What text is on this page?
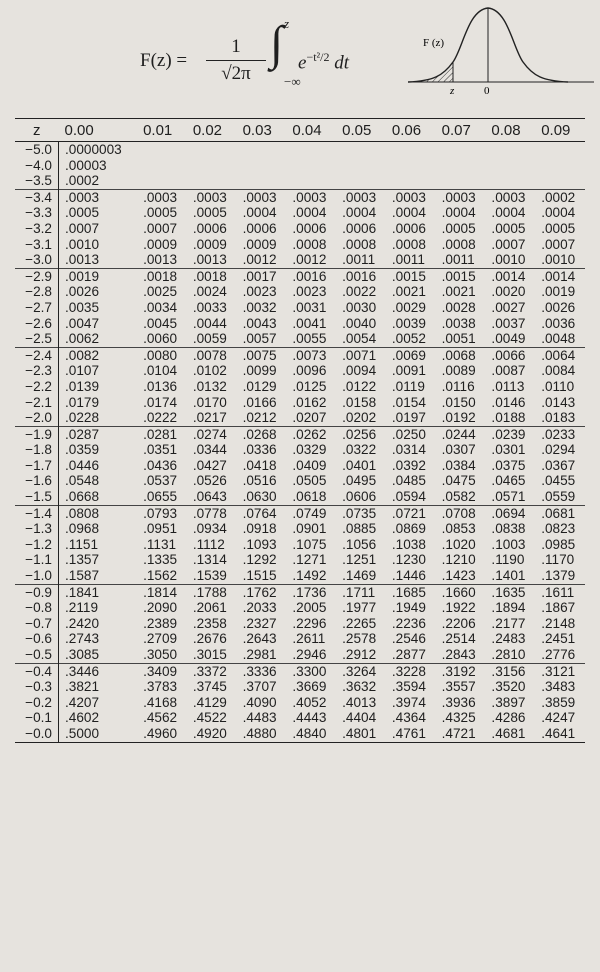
$F(z) = \frac{1}{√2\pi}$ ∫ z
−∞
$e^{-t^2/2}$ dt
F (z)
z	0
z	0.00	0.01	0.02	0.03	0.04	0.05	0.06	0.07	0.08	0.09
−5.0	.0000003									
−4.0	.00003									
−3.5	.0002									
−3.4	.0003	.0003	.0003	.0003	.0003	.0003	.0003	.0003	.0003	.0002
−3.3	.0005	.0005	.0005	.0004	.0004	.0004	.0004	.0004	.0004	.0004
−3.2	.0007	.0007	.0006	.0006	.0006	.0006	.0006	.0005	.0005	.0005
−3.1	.0010	.0009	.0009	.0009	.0008	.0008	.0008	.0008	.0007	.0007
−3.0	.0013	.0013	.0013	.0012	.0012	.0011	.0011	.0011	.0010	.0010
−2.9	.0019	.0018	.0018	.0017	.0016	.0016	.0015	.0015	.0014	.0014
−2.8	.0026	.0025	.0024	.0023	.0023	.0022	.0021	.0021	.0020	.0019
−2.7	.0035	.0034	.0033	.0032	.0031	.0030	.0029	.0028	.0027	.0026
−2.6	.0047	.0045	.0044	.0043	.0041	.0040	.0039	.0038	.0037	.0036
−2.5	.0062	.0060	.0059	.0057	.0055	.0054	.0052	.0051	.0049	.0048
−2.4	.0082	.0080	.0078	.0075	.0073	.0071	.0069	.0068	.0066	.0064
−2.3	.0107	.0104	.0102	.0099	.0096	.0094	.0091	.0089	.0087	.0084
−2.2	.0139	.0136	.0132	.0129	.0125	.0122	.0119	.0116	.0113	.0110
−2.1	.0179	.0174	.0170	.0166	.0162	.0158	.0154	.0150	.0146	.0143
−2.0	.0228	.0222	.0217	.0212	.0207	.0202	.0197	.0192	.0188	.0183
−1.9	.0287	.0281	.0274	.0268	.0262	.0256	.0250	.0244	.0239	.0233
−1.8	.0359	.0351	.0344	.0336	.0329	.0322	.0314	.0307	.0301	.0294
−1.7	.0446	.0436	.0427	.0418	.0409	.0401	.0392	.0384	.0375	.0367
−1.6	.0548	.0537	.0526	.0516	.0505	.0495	.0485	.0475	.0465	.0455
−1.5	.0668	.0655	.0643	.0630	.0618	.0606	.0594	.0582	.0571	.0559
−1.4	.0808	.0793	.0778	.0764	.0749	.0735	.0721	.0708	.0694	.0681
−1.3	.0968	.0951	.0934	.0918	.0901	.0885	.0869	.0853	.0838	.0823
−1.2	.1151	.1131	.1112	.1093	.1075	.1056	.1038	.1020	.1003	.0985
−1.1	.1357	.1335	.1314	.1292	.1271	.1251	.1230	.1210	.1190	.1170
−1.0	.1587	.1562	.1539	.1515	.1492	.1469	.1446	.1423	.1401	.1379
−0.9	.1841	.1814	.1788	.1762	.1736	.1711	.1685	.1660	.1635	.1611
−0.8	.2119	.2090	.2061	.2033	.2005	.1977	.1949	.1922	.1894	.1867
−0.7	.2420	.2389	.2358	.2327	.2296	.2265	.2236	.2206	.2177	.2148
−0.6	.2743	.2709	.2676	.2643	.2611	.2578	.2546	.2514	.2483	.2451
−0.5	.3085	.3050	.3015	.2981	.2946	.2912	.2877	.2843	.2810	.2776
−0.4	.3446	.3409	.3372	.3336	.3300	.3264	.3228	.3192	.3156	.3121
−0.3	.3821	.3783	.3745	.3707	.3669	.3632	.3594	.3557	.3520	.3483
−0.2	.4207	.4168	.4129	.4090	.4052	.4013	.3974	.3936	.3897	.3859
−0.1	.4602	.4562	.4522	.4483	.4443	.4404	.4364	.4325	.4286	.4247
−0.0	.5000	.4960	.4920	.4880	.4840	.4801	.4761	.4721	.4681	.4641
